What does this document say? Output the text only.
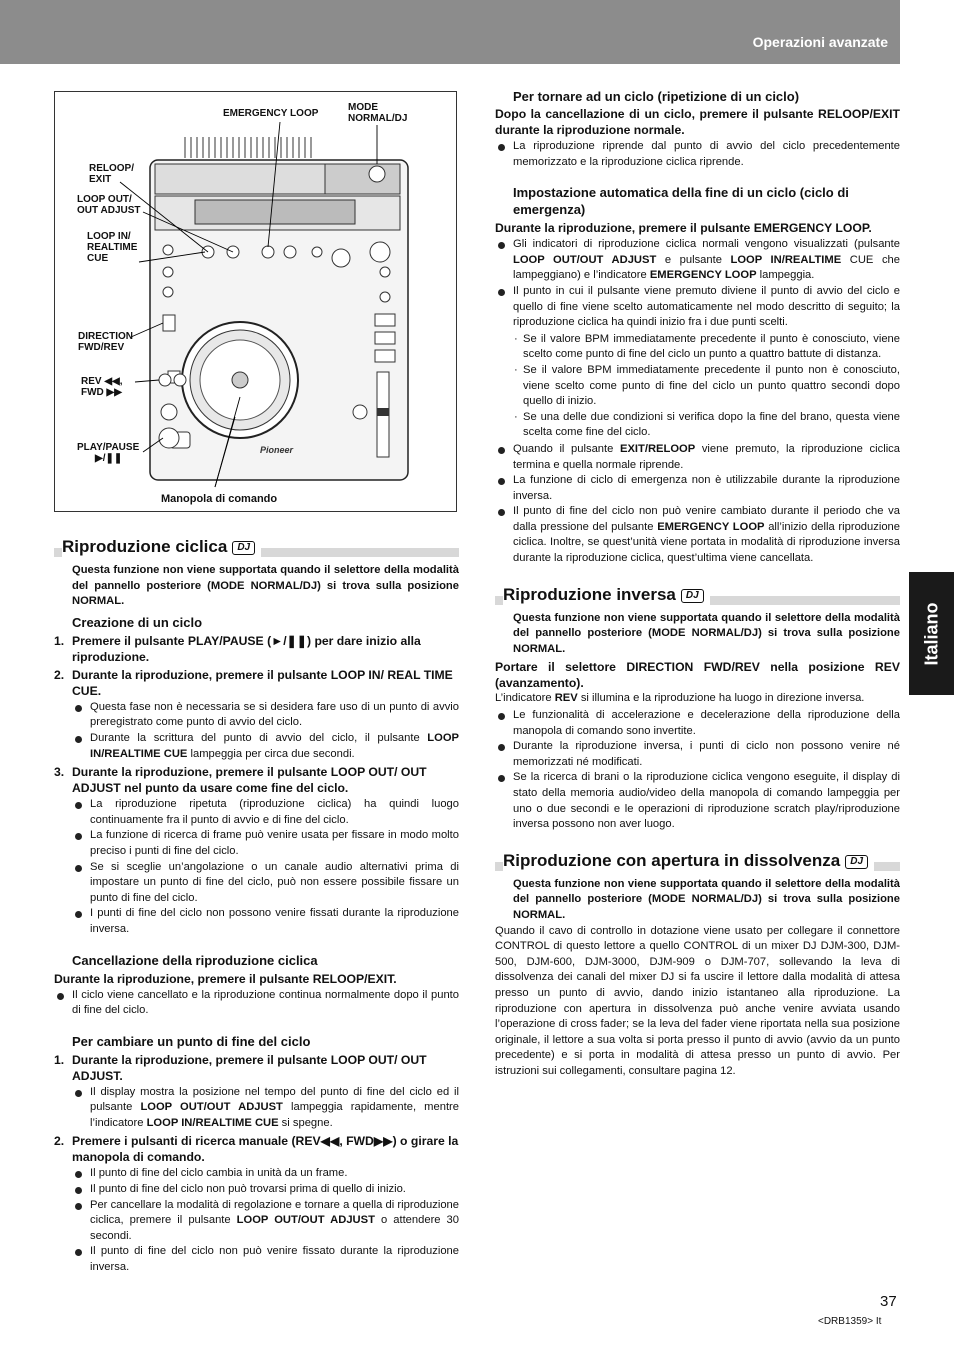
Operazioni avanzate
Italiano
Pioneer
EMERGENCY LOOP
MODE
NORMAL/DJ
RELOOP/
EXIT
LOOP OUT/
OUT ADJUST
LOOP IN/
REALTIME
CUE
DIRECTION
FWD/REV
REV ◀◀,
FWD ▶▶
PLAY/PAUSE
▶/❚❚
Manopola di comando
Riproduzione ciclica DJ

Questa funzione non viene supportata quando il selettore della modalità del pannello posteriore (MODE NORMAL/DJ) si trova sulla posizione NORMAL.

Creazione di un ciclo
1. Premere il pulsante PLAY/PAUSE (►/❚❚) per dare inizio alla riproduzione.
2. Durante la riproduzione, premere il pulsante LOOP IN/ REAL TIME CUE.
Questa fase non è necessaria se si desidera fare uso di un punto di avvio preregistrato come punto di avvio del ciclo.
Durante la scrittura del punto di avvio del ciclo, il pulsante LOOP IN/REALTIME CUE lampeggia per circa due secondi.
3. Durante la riproduzione, premere il pulsante LOOP OUT/ OUT ADJUST nel punto da usare come fine del ciclo.
La riproduzione ripetuta (riproduzione ciclica) ha quindi luogo continuamente fra il punto di avvio e di fine del ciclo.
La funzione di ricerca di frame può venire usata per fissare in modo molto preciso i punti di fine del ciclo.
Se si sceglie un’angolazione o un canale audio alternativi prima di impostare un punto di fine del ciclo, può non essere possibile fissare un punto di fine del ciclo.
I punti di fine del ciclo non possono venire fissati durante la riproduzione inversa.
Cancellazione della riproduzione ciclica

Durante la riproduzione, premere il pulsante RELOOP/EXIT.

Il ciclo viene cancellato e la riproduzione continua normalmente dopo il punto di fine del ciclo.
Per cambiare un punto di fine del ciclo
1. Durante la riproduzione, premere il pulsante LOOP OUT/ OUT ADJUST.
Il display mostra la posizione nel tempo del punto di fine del ciclo ed il pulsante LOOP OUT/OUT ADJUST lampeggia rapidamente, mentre l’indicatore LOOP IN/REALTIME CUE si spegne.
2. Premere i pulsanti di ricerca manuale (REV◀◀, FWD▶▶) o girare la manopola di comando.
Il punto di fine del ciclo cambia in unità da un frame.
Il punto di fine del ciclo non può trovarsi prima di quello di inizio.
Per cancellare la modalità di regolazione e tornare a quella di riproduzione ciclica, premere il pulsante LOOP OUT/OUT ADJUST o attendere 30 secondi.
Il punto di fine del ciclo non può venire fissato durante la riproduzione inversa.
Per tornare ad un ciclo (ripetizione di un ciclo)

Dopo la cancellazione di un ciclo, premere il pulsante RELOOP/EXIT durante la riproduzione normale.

La riproduzione riprende dal punto di avvio del ciclo precedentemente memorizzato e la riproduzione ciclica riprende.
Impostazione automatica della fine di un ciclo (ciclo di emergenza)

Durante la riproduzione, premere il pulsante EMERGENCY LOOP.

Gli indicatori di riproduzione ciclica normali vengono visualizzati (pulsante LOOP OUT/OUT ADJUST e pulsante LOOP IN/REALTIME CUE che lampeggiano) e l’indicatore EMERGENCY LOOP lampeggia.
Il punto in cui il pulsante viene premuto diviene il punto di avvio del ciclo e quello di fine viene scelto automaticamente nel modo descritto di seguito; la riproduzione ciclica ha quindi inizio fra i due punti scelti.
· Se il valore BPM immediatamente precedente il punto è conosciuto, viene scelto come punto di fine del ciclo un punto a quattro battute di distanza.
· Se il valore BPM immediatamente precedente il punto non è conosciuto, viene scelto come punto di fine del ciclo un punto quattro secondi dopo quello di inizio.
· Se una delle due condizioni si verifica dopo la fine del brano, questa viene scelta come fine del ciclo.
Quando il pulsante EXIT/RELOOP viene premuto, la riproduzione ciclica termina e quella normale riprende.
La funzione di ciclo di emergenza non è utilizzabile durante la riproduzione inversa.
Il punto di fine del ciclo non può venire cambiato durante il periodo che va dalla pressione del pulsante EMERGENCY LOOP all’inizio della riproduzione ciclica. Inoltre, se quest’unità viene portata in modalità di riproduzione inversa durante la riproduzione ciclica, quest’ultima viene cancellata.
Riproduzione inversa DJ

Questa funzione non viene supportata quando il selettore della modalità del pannello posteriore (MODE NORMAL/DJ) si trova sulla posizione NORMAL.

Portare il selettore DIRECTION FWD/REV nella posizione REV (avanzamento).

L’indicatore REV si illumina e la riproduzione ha luogo in direzione inversa.

Le funzionalità di accelerazione e decelerazione della riproduzione della manopola di comando sono invertite.
Durante la riproduzione inversa, i punti di ciclo non possono venire né memorizzati né modificati.
Se la ricerca di brani o la riproduzione ciclica vengono eseguite, il display di stato della memoria audio/video della manopola di comando lampeggia per uno o due secondi e le operazioni di riproduzione scratch play/riproduzione inversa possono non aver luogo.
Riproduzione con apertura in dissolvenza DJ

Questa funzione non viene supportata quando il selettore della modalità del pannello posteriore (MODE NORMAL/DJ) si trova sulla posizione NORMAL.

Quando il cavo di controllo in dotazione viene usato per collegare il connettore CONTROL di questo lettore a quello CONTROL di un mixer DJ DJM-300, DJM-500, DJM-600, DJM-3000, DJM-909 o DJM-707, sollevando la leva di dissolvenza dei canali del mixer DJ si fa uscire il lettore dalla modalità di attesa presso un punto di avvio, dando inizio istantaneo alla riproduzione. La riproduzione con apertura in dissolvenza può anche venire avviata usando l’operazione di cross fader; se la leva del fader viene riportata nella sua posizione originale, il lettore a sua volta si porta presso il punto di avvio (avvio da un punto precedente) e si porta in modalità di attesa presso un punto di avvio. Per istruzioni sui collegamenti, consultare pagina 12.

37
<DRB1359> It
